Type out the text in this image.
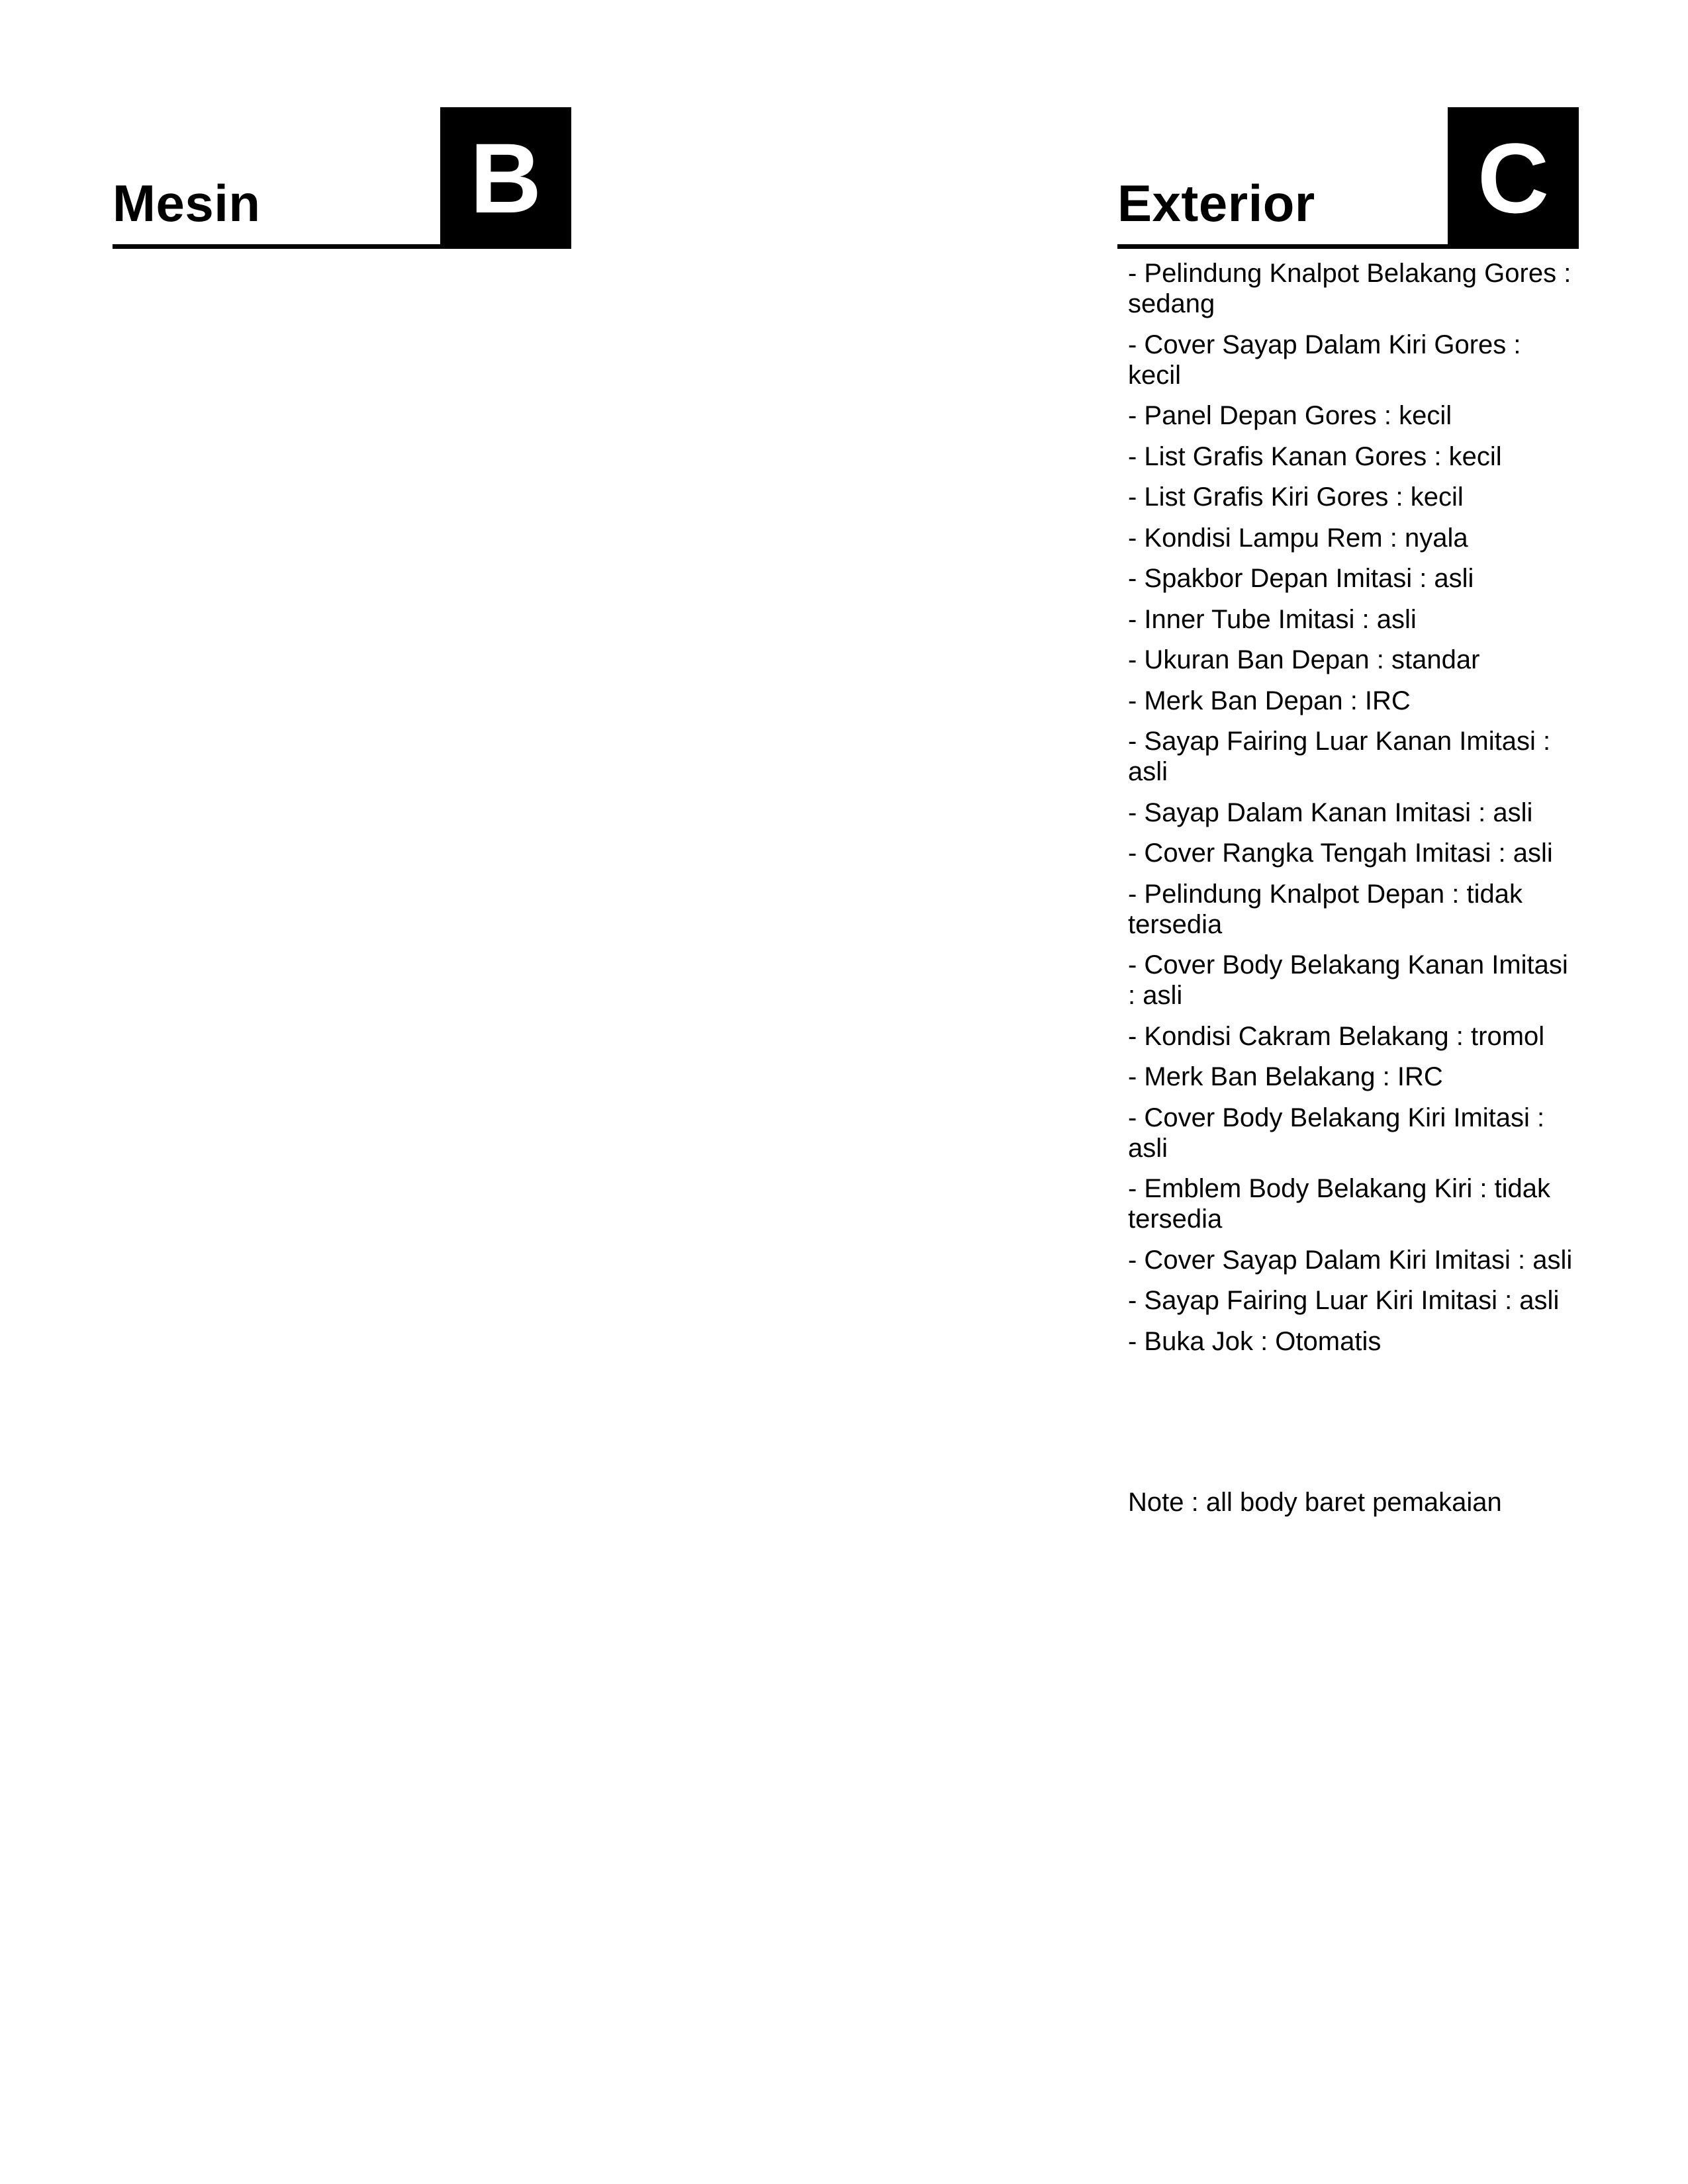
Mesin B	Exterior C
- Pelindung Knalpot Belakang Gores : sedang
- Cover Sayap Dalam Kiri Gores : kecil
- Panel Depan Gores : kecil
- List Grafis Kanan Gores : kecil
- List Grafis Kiri Gores : kecil
- Kondisi Lampu Rem : nyala
- Spakbor Depan Imitasi : asli
- Inner Tube Imitasi : asli
- Ukuran Ban Depan : standar
- Merk Ban Depan : IRC
- Sayap Fairing Luar Kanan Imitasi : asli
- Sayap Dalam Kanan Imitasi : asli
- Cover Rangka Tengah Imitasi : asli
- Pelindung Knalpot Depan : tidak tersedia
- Cover Body Belakang Kanan Imitasi : asli
- Kondisi Cakram Belakang : tromol
- Merk Ban Belakang : IRC
- Cover Body Belakang Kiri Imitasi : asli
- Emblem Body Belakang Kiri : tidak tersedia
- Cover Sayap Dalam Kiri Imitasi : asli
- Sayap Fairing Luar Kiri Imitasi : asli
- Buka Jok : Otomatis

Note : all body baret pemakaian
